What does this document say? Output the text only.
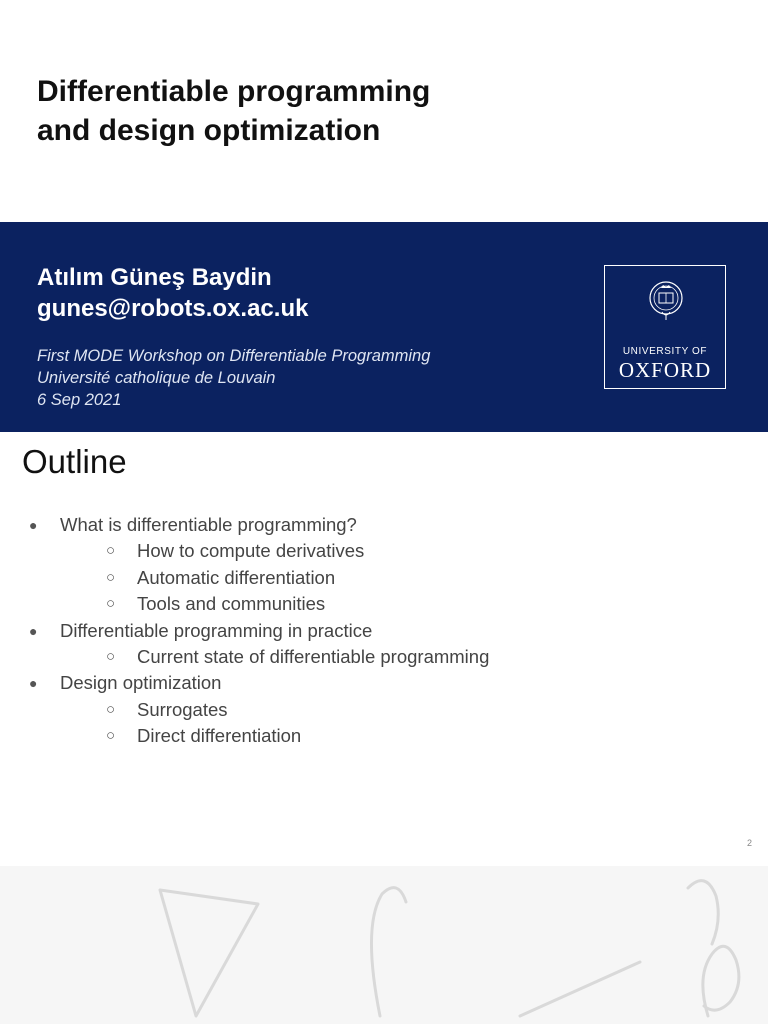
Differentiable programming
and design optimization
Atılım Güneş Baydin
gunes@robots.ox.ac.uk
First MODE Workshop on Differentiable Programming
Université catholique de Louvain
6 Sep 2021
UNIVERSITY OF
OXFORD
Outline
● What is differentiable programming?
○ How to compute derivatives
○ Automatic differentiation
○ Tools and communities
● Differentiable programming in practice
○ Current state of differentiable programming
● Design optimization
○ Surrogates
○ Direct differentiation
2
